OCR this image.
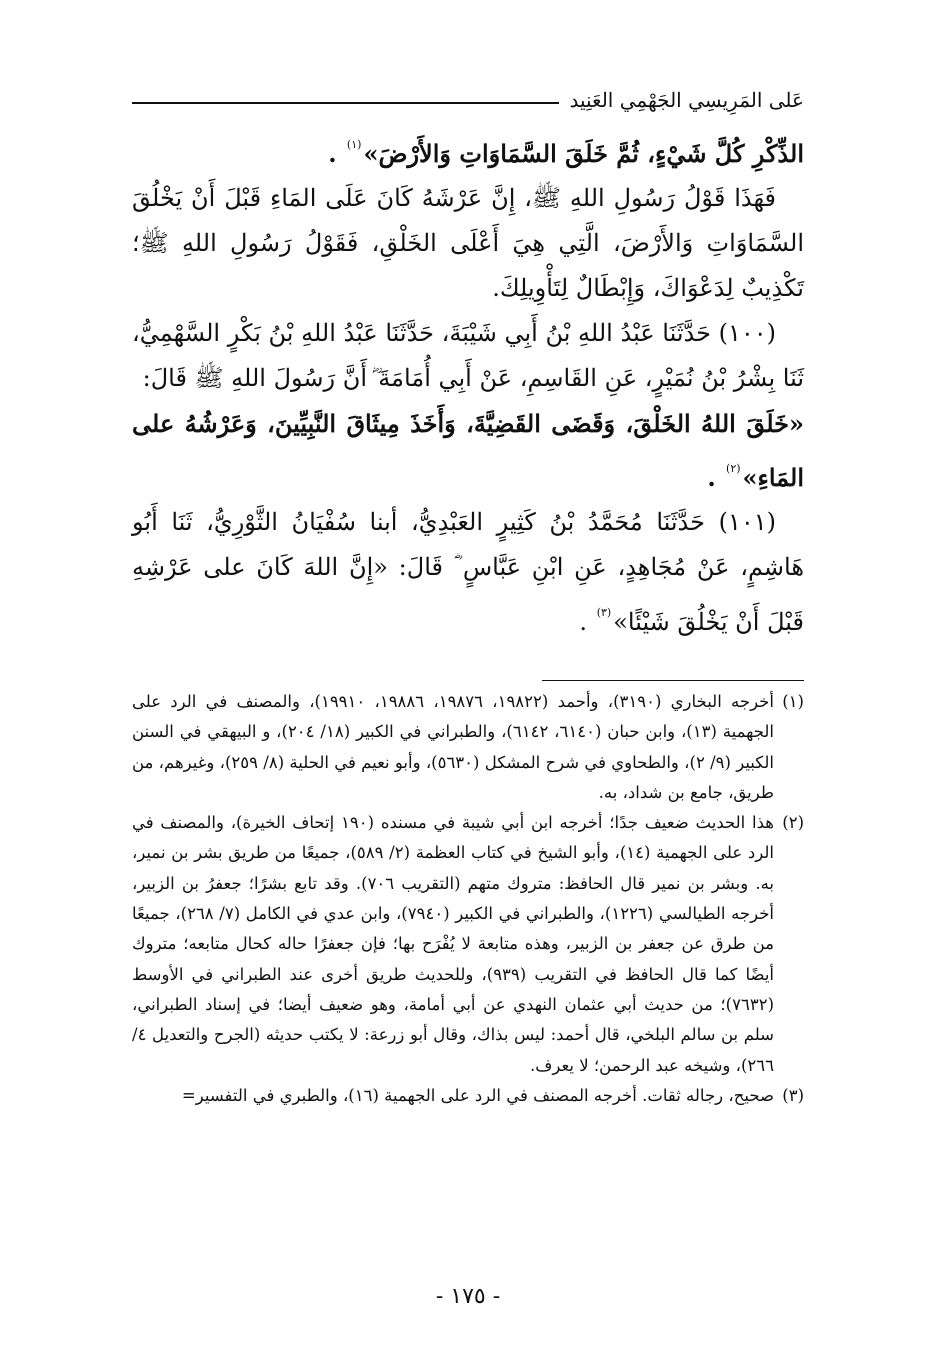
عَلى المَرِيسِي الجَهْمِي العَنِيد

الذِّكْرِ كُلَّ شَيْءٍ، ثُمَّ خَلَقَ السَّمَاوَاتِ وَالأَرْضَ»$^{(١)}$ .

فَهَذَا قَوْلُ رَسُولِ اللهِ ﷺ، إِنَّ عَرْشَهُ كَانَ عَلَى المَاءِ قَبْلَ أَنْ يَخْلُقَ السَّمَاوَاتِ وَالأَرْضَ، الَّتِي هِيَ أَعْلَى الخَلْقِ، فَقَوْلُ رَسُولِ اللهِ ﷺ؛ تَكْذِيبٌ لِدَعْوَاكَ، وَإِبْطَالٌ لِتَأْوِيلِكَ.

(١٠٠) حَدَّثَنَا عَبْدُ اللهِ بْنُ أَبِي شَيْبَةَ، حَدَّثَنَا عَبْدُ اللهِ بْنُ بَكْرٍ السَّهْمِيُّ، ثَنَا بِشْرُ بْنُ نُمَيْرٍ، عَنِ القَاسِمِ، عَنْ أَبِي أُمَامَةَ ؓ أَنَّ رَسُولَ اللهِ ﷺ قَالَ:

«خَلَقَ اللهُ الخَلْقَ، وَقَضَى القَضِيَّةَ، وَأَخَذَ مِيثَاقَ النَّبِيِّينَ، وَعَرْشُهُ على المَاءِ»$^{(٢)}$ .

(١٠١) حَدَّثَنَا مُحَمَّدُ بْنُ كَثِيرٍ العَبْدِيُّ، أبنا سُفْيَانُ الثَّوْرِيُّ، ثَنَا أَبُو هَاشِمٍ، عَنْ مُجَاهِدٍ، عَنِ ابْنِ عَبَّاسٍ ؓ قَالَ: «إِنَّ اللهَ كَانَ على عَرْشِهِ قَبْلَ أَنْ يَخْلُقَ شَيْئًا»$^{(٣)}$ .

(١)أخرجه البخاري (٣١٩٠)، وأحمد (١٩٨٢٢، ١٩٨٧٦، ١٩٨٨٦، ١٩٩١٠)، والمصنف في الرد على الجهمية (١٣)، وابن حبان (٦١٤٠، ٦١٤٢)، والطبراني في الكبير (١٨/ ٢٠٤)، و البيهقي في السنن الكبير (٩/ ٢)، والطحاوي في شرح المشكل (٥٦٣٠)، وأبو نعيم في الحلية (٨/ ٢٥٩)، وغيرهم، من طريق، جامع بن شداد، به.

(٢)هذا الحديث ضعيف جدًا؛ أخرجه ابن أبي شيبة في مسنده (١٩٠ إتحاف الخيرة)، والمصنف في الرد على الجهمية (١٤)، وأبو الشيخ في كتاب العظمة (٢/ ٥٨٩)، جميعًا من طريق بشر بن نمير، به. وبشر بن نمير قال الحافظ: متروك متهم (التقريب ٧٠٦). وقد تابع بشرًا؛ جعفرُ بن الزبير، أخرجه الطيالسي (١٢٢٦)، والطبراني في الكبير (٧٩٤٠)، وابن عدي في الكامل (٧/ ٢٦٨)، جميعًا من طرق عن جعفر بن الزبير، وهذه متابعة لا يُفْرَح بها؛ فإن جعفرًا حاله كحال متابعه؛ متروك أيضًا كما قال الحافظ في التقريب (٩٣٩)، وللحديث طريق أخرى عند الطبراني في الأوسط (٧٦٣٢)؛ من حديث أبي عثمان النهدي عن أبي أمامة، وهو ضعيف أيضا؛ في إسناد الطبراني، سلم بن سالم البلخي، قال أحمد: ليس بذاك، وقال أبو زرعة: لا يكتب حديثه (الجرح والتعديل ٤/ ٢٦٦)، وشيخه عبد الرحمن؛ لا يعرف.

(٣)صحيح، رجاله ثقات. أخرجه المصنف في الرد على الجهمية (١٦)، والطبري في التفسير=

- ١٧٥ -
